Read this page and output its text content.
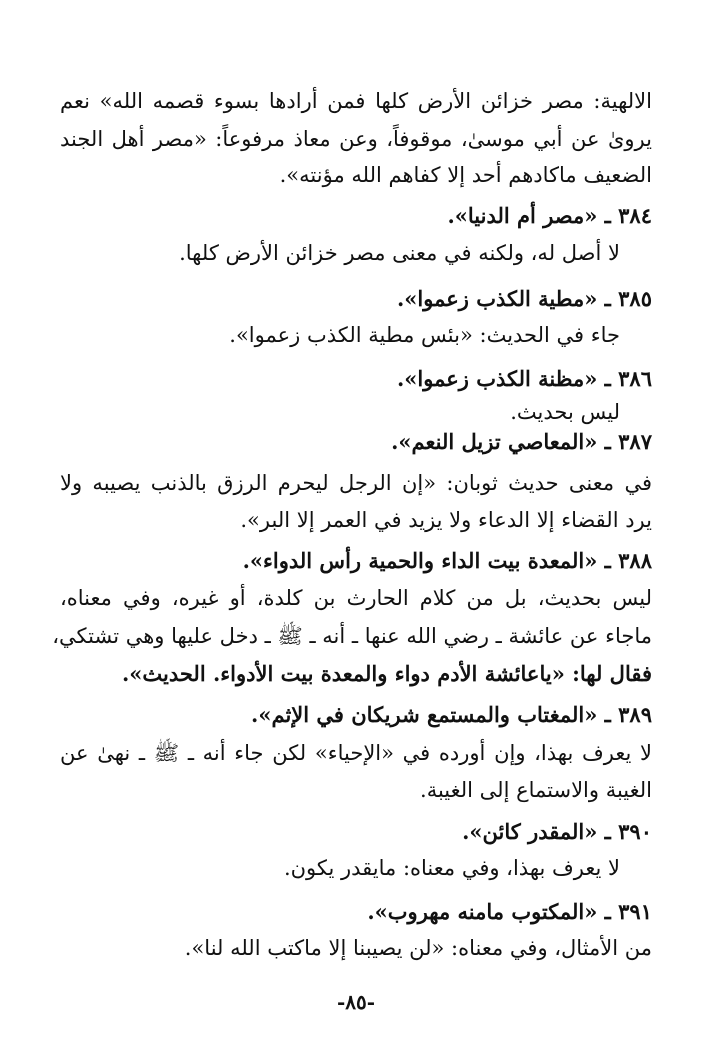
الالهية: مصر خزائن الأرض كلها فمن أرادها بسوء قصمه الله» نعم
يروىٰ عن أبي موسىٰ، موقوفاً، وعن معاذ مرفوعاً: «مصر أهل الجند
الضعيف ماكادهم أحد إلا كفاهم الله مؤنته».
٣٨٤ ـ «مصر أم الدنيا».
لا أصل له، ولكنه في معنى مصر خزائن الأرض كلها.
٣٨٥ ـ «مطية الكذب زعموا».
جاء في الحديث: «بئس مطية الكذب زعموا».
٣٨٦ ـ «مظنة الكذب زعموا».
ليس بحديث.
٣٨٧ ـ «المعاصي تزيل النعم».
في معنى حديث ثوبان: «إن الرجل ليحرم الرزق بالذنب يصيبه ولا
يرد القضاء إلا الدعاء ولا يزيد في العمر إلا البر».
٣٨٨ ـ «المعدة بيت الداء والحمية رأس الدواء».
ليس بحديث، بل من كلام الحارث بن كلدة، أو غيره، وفي معناه،
ماجاء عن عائشة ـ رضي الله عنها ـ أنه ـ ﷺ ـ دخل عليها وهي تشتكي،
فقال لها: «ياعائشة الأدم دواء والمعدة بيت الأدواء. الحديث».
٣٨٩ ـ «المغتاب والمستمع شريكان في الإثم».
لا يعرف بهذا، وإن أورده في «الإحياء» لكن جاء أنه ـ ﷺ ـ نهىٰ عن
الغيبة والاستماع إلى الغيبة.
٣٩٠ ـ «المقدر كائن».
لا يعرف بهذا، وفي معناه: مايقدر يكون.
٣٩١ ـ «المكتوب مامنه مهروب».
من الأمثال، وفي معناه: «لن يصيبنا إلا ماكتب الله لنا».
-٨٥-
